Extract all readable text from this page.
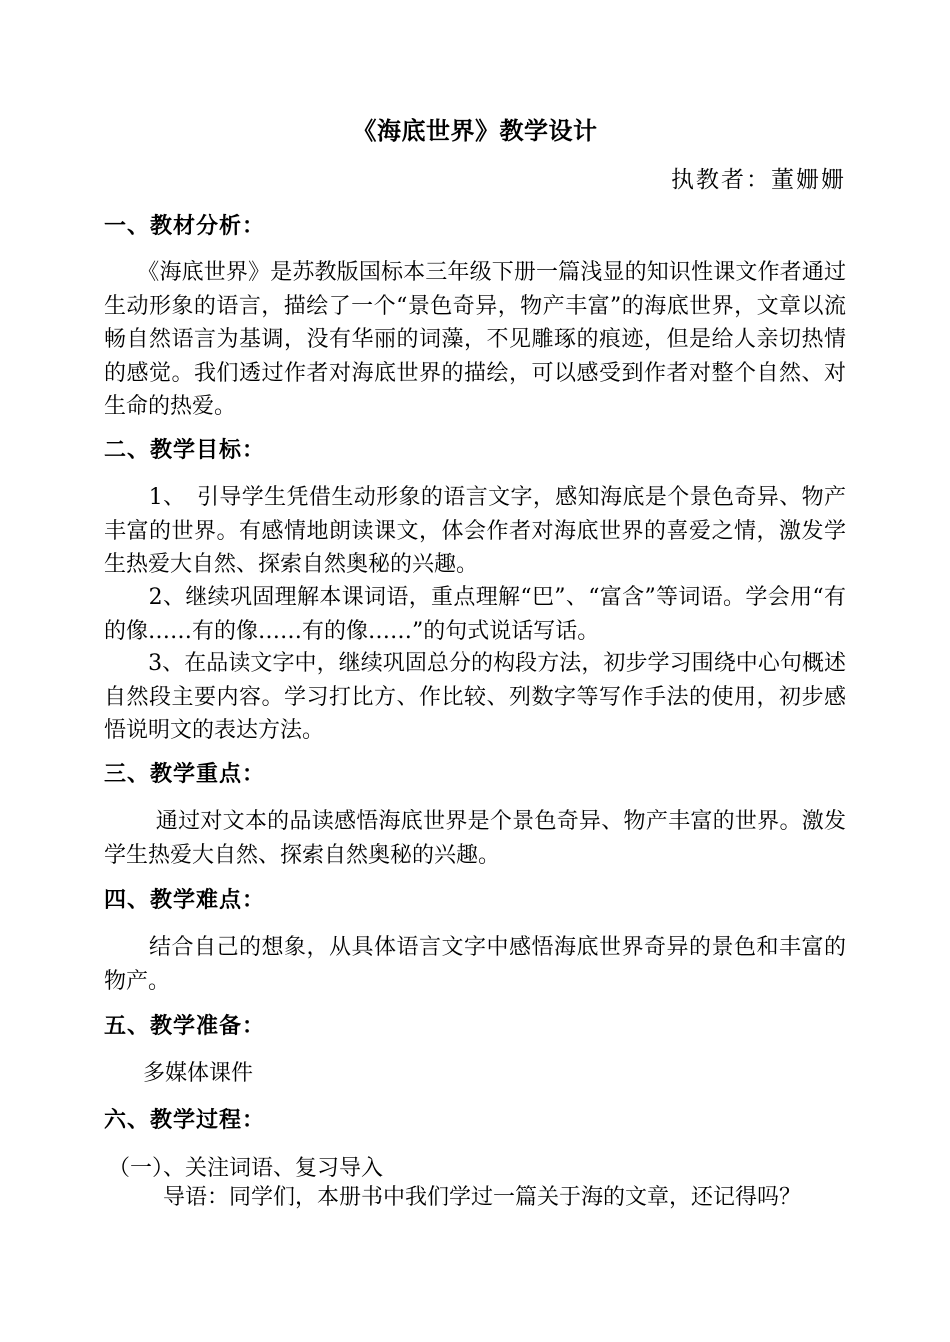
《海底世界》教学设计
执教者：董姗姗
一、教材分析：

　　《海底世界》是苏教版国标本三年级下册一篇浅显的知识性课文作者通过生动形象的语言，描绘了一个“景色奇异，物产丰富”的海底世界，文章以流畅自然语言为基调，没有华丽的词藻，不见雕琢的痕迹，但是给人亲切热情的感觉。我们透过作者对海底世界的描绘，可以感受到作者对整个自然、对生命的热爱。

二、教学目标：

　　1、　引导学生凭借生动形象的语言文字，感知海底是个景色奇异、物产丰富的世界。有感情地朗读课文，体会作者对海底世界的喜爱之情，激发学生热爱大自然、探索自然奥秘的兴趣。

　　2、继续巩固理解本课词语，重点理解“巴”、“富含”等词语。学会用“有的像……有的像……有的像……”的句式说话写话。

　　3、在品读文字中，继续巩固总分的构段方法，初步学习围绕中心句概述自然段主要内容。学习打比方、作比较、列数字等写作手法的使用，初步感悟说明文的表达方法。

三、教学重点：

　　 通过对文本的品读感悟海底世界是个景色奇异、物产丰富的世界。激发学生热爱大自然、探索自然奥秘的兴趣。

四、教学难点：

　　结合自己的想象，从具体语言文字中感悟海底世界奇异的景色和丰富的物产。

五、教学准备：
多媒体课件
六、教学过程：
（一）、关注词语、复习导入
导语：同学们，本册书中我们学过一篇关于海的文章，还记得吗？
